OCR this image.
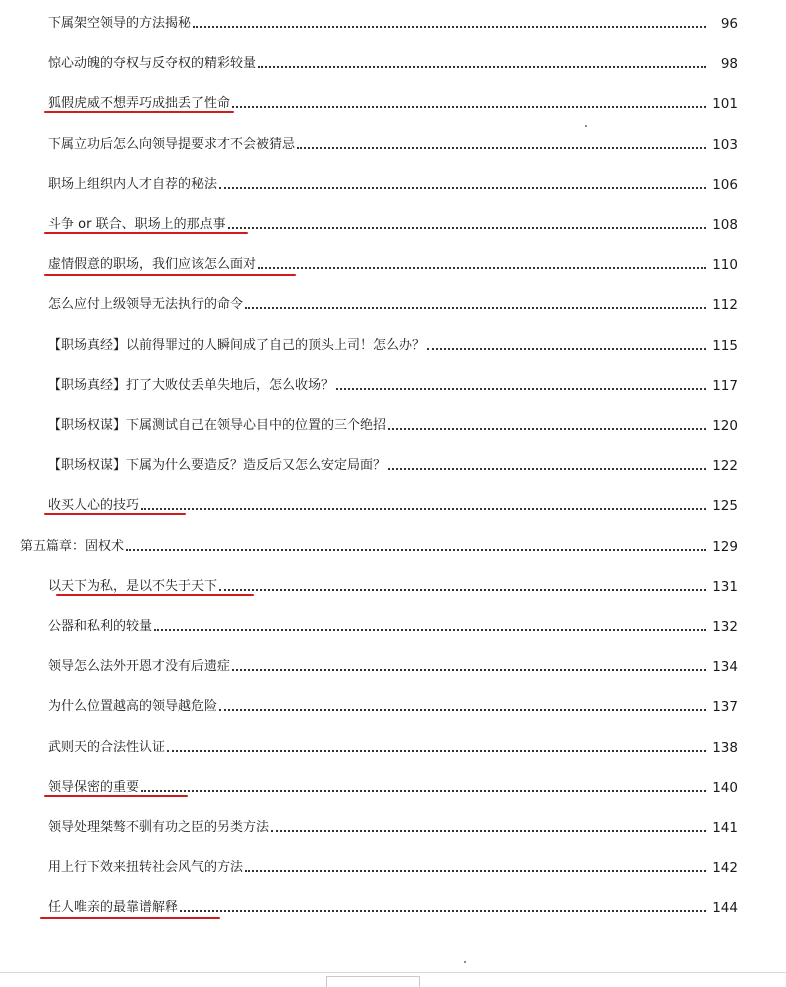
下属架空领导的方法揭秘	96
惊心动魄的夺权与反夺权的精彩较量	98
狐假虎威不想弄巧成拙丢了性命	101
下属立功后怎么向领导提要求才不会被猜忌	103
职场上组织内人才自荐的秘法	106
斗争 or 联合、职场上的那点事	108
虚情假意的职场，我们应该怎么面对	110
怎么应付上级领导无法执行的命令	112
【职场真经】以前得罪过的人瞬间成了自己的顶头上司！怎么办？	115
【职场真经】打了大败仗丢单失地后，怎么收场？	117
【职场权谋】下属测试自己在领导心目中的位置的三个绝招	120
【职场权谋】下属为什么要造反？造反后又怎么安定局面？	122
收买人心的技巧	125
第五篇章：固权术	129
以天下为私，是以不失于天下	131
公器和私利的较量	132
领导怎么法外开恩才没有后遗症	134
为什么位置越高的领导越危险	137
武则天的合法性认证	138
领导保密的重要	140
领导处理桀骜不驯有功之臣的另类方法	141
用上行下效来扭转社会风气的方法	142
任人唯亲的最靠谱解释	144
